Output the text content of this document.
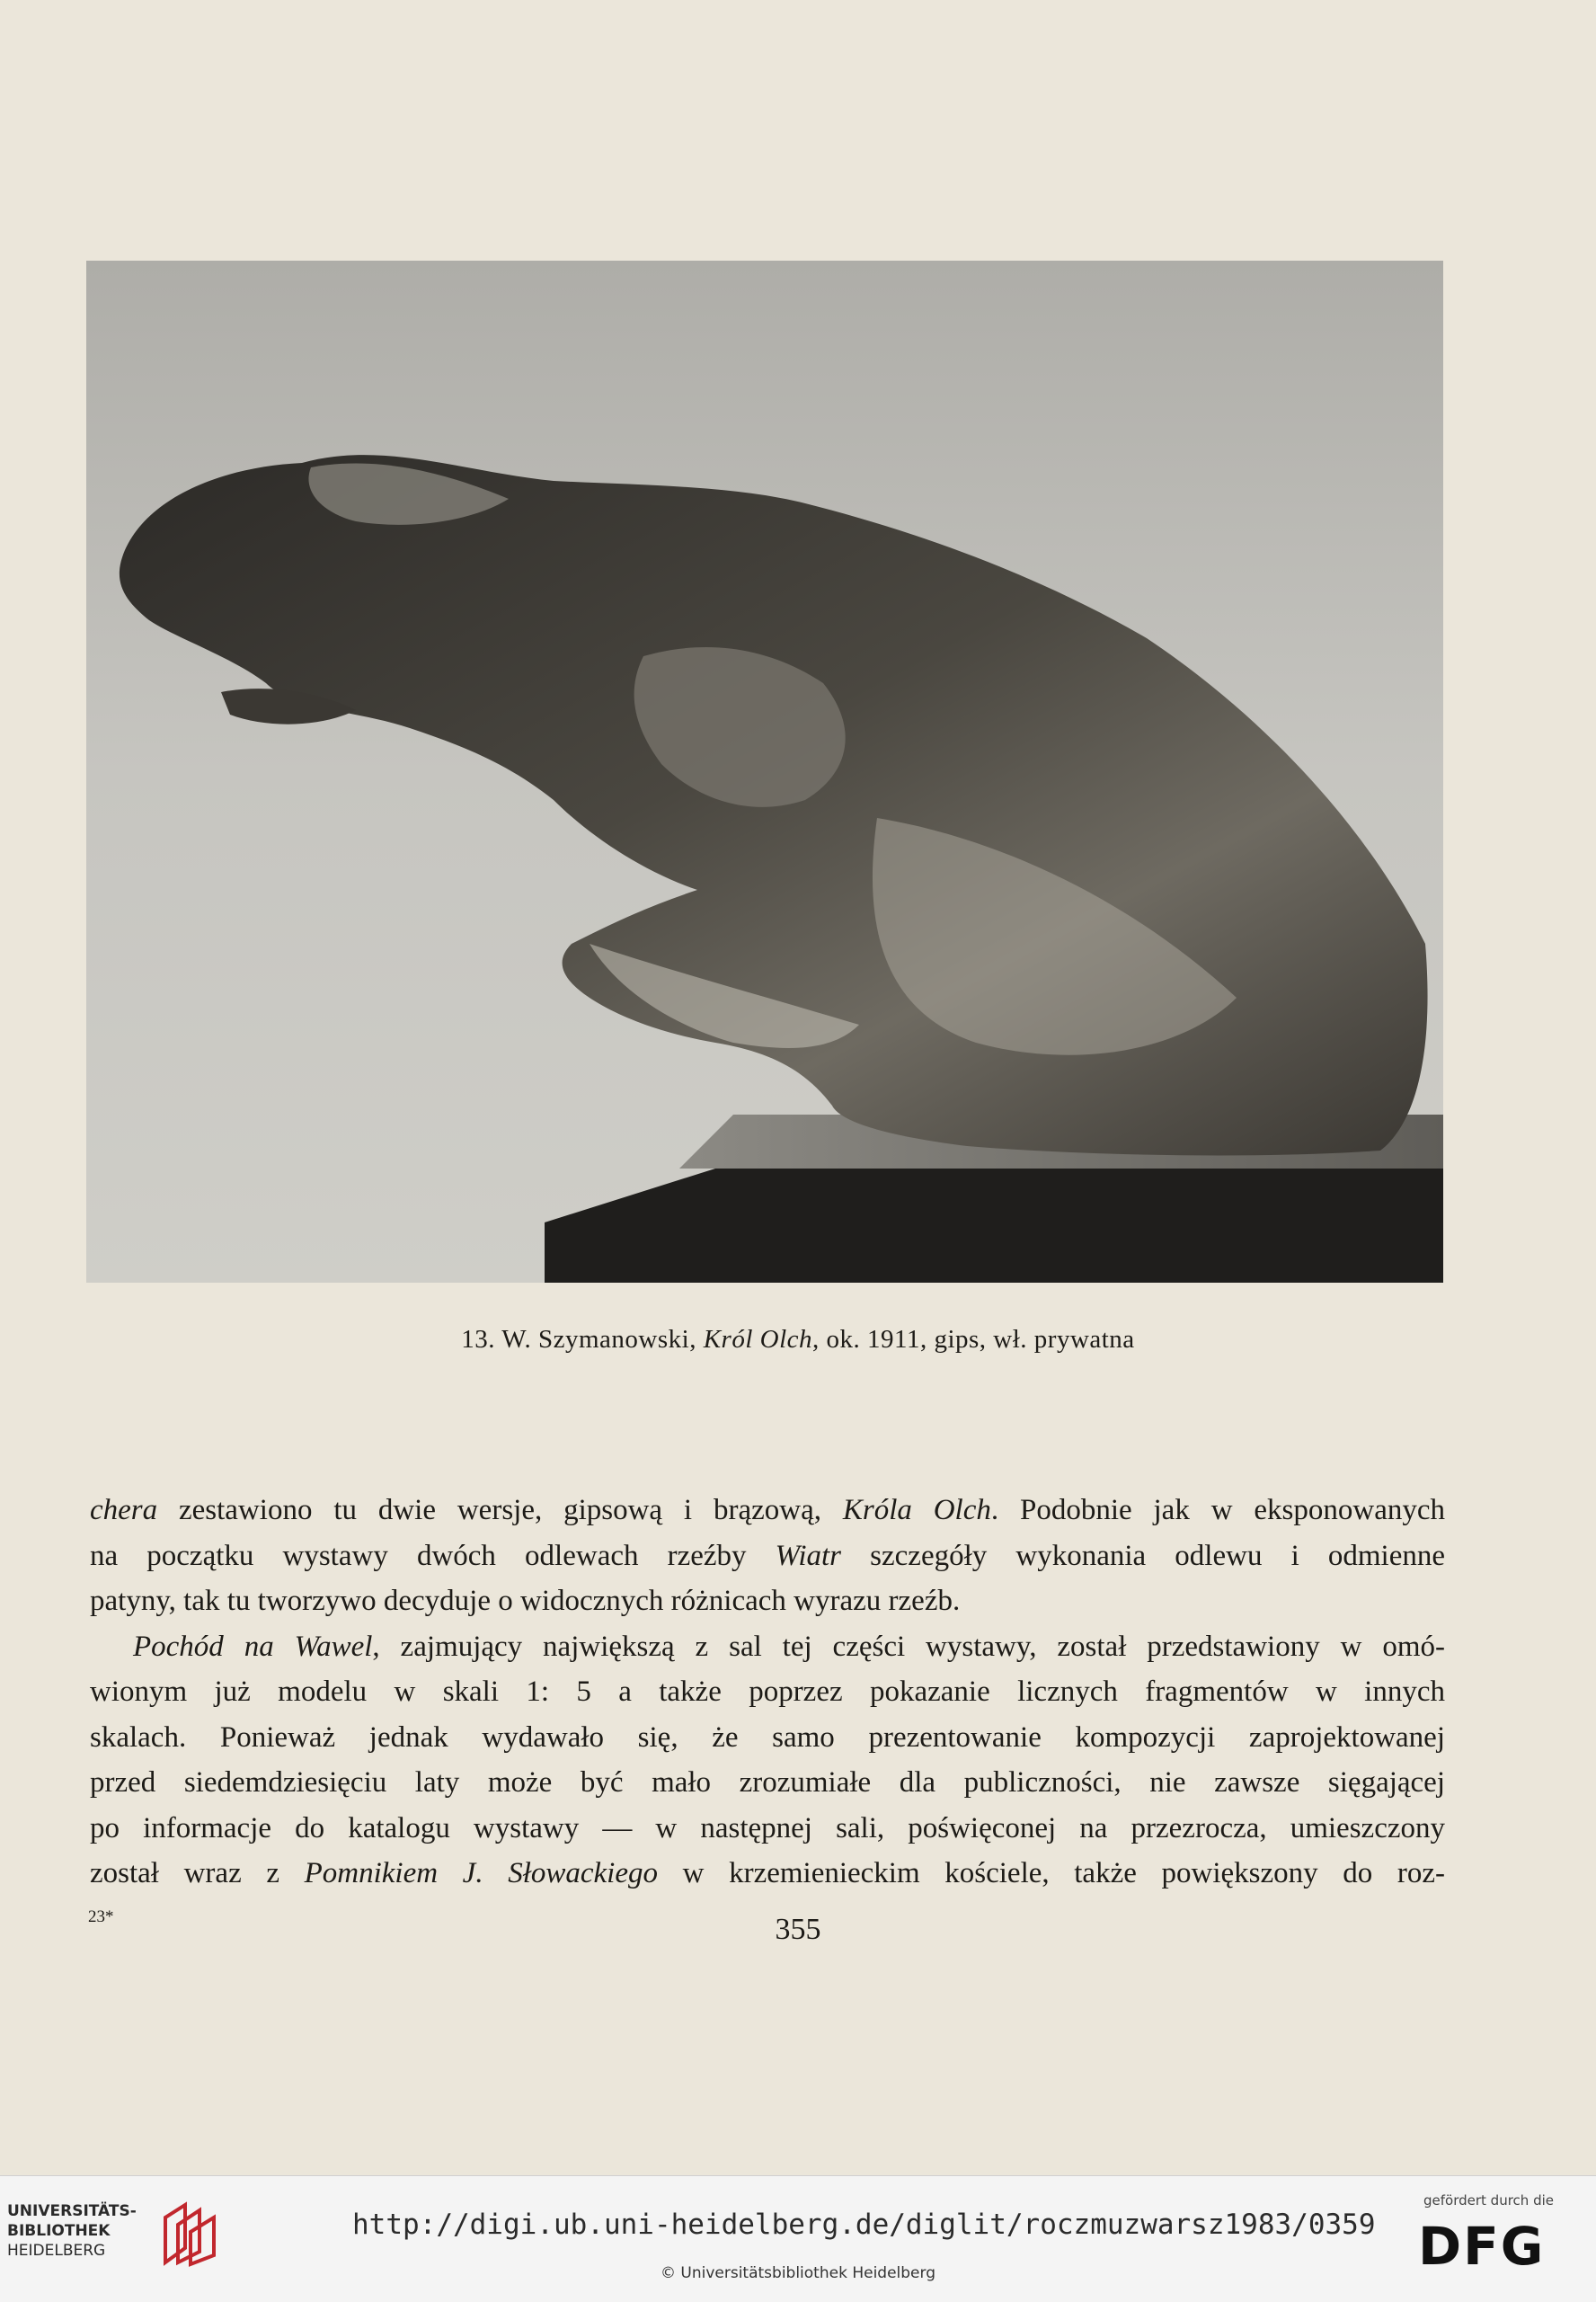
13. W. Szymanowski, Król Olch, ok. 1911, gips, wł. prywatna
chera zestawiono tu dwie wersje, gipsową i brązową, Króla Olch. Podobnie jak w eksponowanych
na początku wystawy dwóch odlewach rzeźby Wiatr szczegóły wykonania odlewu i odmienne
patyny, tak tu tworzywo decyduje o widocznych różnicach wyrazu rzeźb.
Pochód na Wawel, zajmujący największą z sal tej części wystawy, został przedstawiony w omó-
wionym już modelu w skali 1: 5 a także poprzez pokazanie licznych fragmentów w innych
skalach. Ponieważ jednak wydawało się, że samo prezentowanie kompozycji zaprojektowanej
przed siedemdziesięciu laty może być mało zrozumiałe dla publiczności, nie zawsze sięgającej
po informacje do katalogu wystawy — w następnej sali, poświęconej na przezrocza, umieszczony
został wraz z Pomnikiem J. Słowackiego w krzemienieckim kościele, także powiększony do roz-
23*	355
UNIVERSITÄTS-
BIBLIOTHEK
HEIDELBERG
http://digi.ub.uni-heidelberg.de/diglit/roczmuzwarsz1983/0359
© Universitätsbibliothek Heidelberg
gefördert durch die
DFG
